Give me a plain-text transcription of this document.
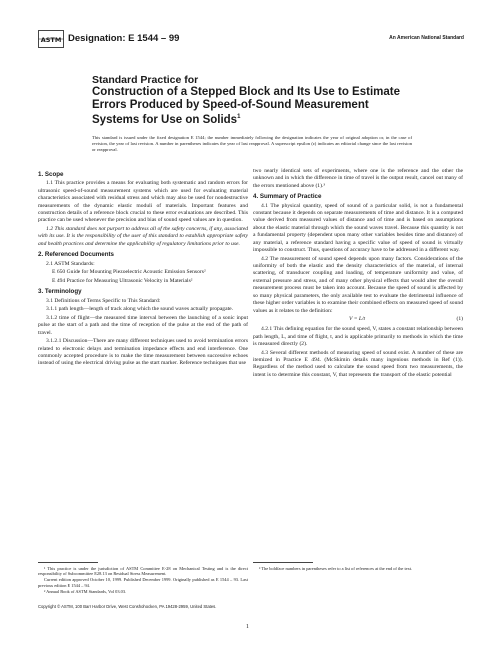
ASTM Designation: E 1544 – 99	An American National Standard
Standard Practice for
Construction of a Stepped Block and Its Use to Estimate Errors Produced by Speed-of-Sound Measurement Systems for Use on Solids$^1$
This standard is issued under the fixed designation E 1544; the number immediately following the designation indicates the year of original adoption or, in the case of revision, the year of last revision. A number in parentheses indicates the year of last reapproval. A superscript epsilon (ε) indicates an editorial change since the last revision or reapproval.
1. Scope

1.1 This practice provides a means for evaluating both systematic and random errors for ultrasonic speed-of-sound measurement systems which are used for evaluating material characteristics associated with residual stress and which may also be used for nondestructive measurements of the dynamic elastic moduli of materials. Important features and construction details of a reference block crucial to these error evaluations are described. This practice can be used whenever the precision and bias of sound speed values are in question.

1.2 This standard does not purport to address all of the safety concerns, if any, associated with its use. It is the responsibility of the user of this standard to establish appropriate safety and health practices and determine the applicability of regulatory limitations prior to use.

2. Referenced Documents

2.1 ASTM Standards:

E 650 Guide for Mounting Piezoelectric Acoustic Emission Sensors²

E 494 Practice for Measuring Ultrasonic Velocity in Materials²

3. Terminology

3.1 Definitions of Terms Specific to This Standard:

3.1.1 path length—length of track along which the sound waves actually propagate.

3.1.2 time of flight—the measured time interval between the launching of a sonic input pulse at the start of a path and the time of reception of the pulse at the end of the path of travel.

3.1.2.1 Discussion—There are many different techniques used to avoid termination errors related to electronic delays and termination impedance effects and end interference. One commonly accepted procedure is to make the time measurement between successive echoes instead of using the electrical driving pulse as the start marker. Reference techniques that use

two nearly identical sets of experiments, where one is the reference and the other the unknown and in which the difference in time of travel is the output result, cancel out many of the errors mentioned above (1).³

4. Summary of Practice

4.1 The physical quantity, speed of sound of a particular solid, is not a fundamental constant because it depends on separate measurements of time and distance. It is a computed value derived from measured values of distance and of time and is based on assumptions about the elastic material through which the sound waves travel. Because this quantity is not a fundamental property (dependent upon many other variables besides time and distance) of any material, a reference standard having a specific value of speed of sound is virtually impossible to construct. Thus, questions of accuracy have to be addressed in a different way.

4.2 The measurement of sound speed depends upon many factors. Considerations of the uniformity of both the elastic and the density characteristics of the material, of internal scattering, of transducer coupling and loading, of temperature uniformity and value, of external pressure and stress, and of many other physical effects that would alter the overall measurement process must be taken into account. Because the speed of sound is affected by so many physical parameters, the only available test to evaluate the detrimental influence of these higher order variables is to examine their combined effects on measured speed of sound values as it relates to the definition:

V = L/t	(1)

4.2.1 This defining equation for the sound speed, V, states a constant relationship between path length, L, and time of flight, t, and is applicable primarily to methods in which the time is measured directly (2).

4.3 Several different methods of measuring speed of sound exist. A number of these are itemized in Practice E 494. (McSkimin details many ingenious methods in Ref (1)). Regardless of the method used to calculate the sound speed from two measurements, the intent is to determine this constant, V, that represents the transport of the elastic potential

¹ This practice is under the jurisdiction of ASTM Committee E-28 on Mechanical Testing and is the direct responsibility of Subcommittee E28.13 on Residual Stress Measurement.

Current edition approved October 10, 1999. Published December 1999. Originally published as E 1544 – 93. Last previous edition E 1544 – 94.

² Annual Book of ASTM Standards, Vol 03.03.

³ The boldface numbers in parentheses refer to a list of references at the end of the text.

Copyright © ASTM, 100 Barr Harbor Drive, West Conshohocken, PA 19428-2959, United States.
1
